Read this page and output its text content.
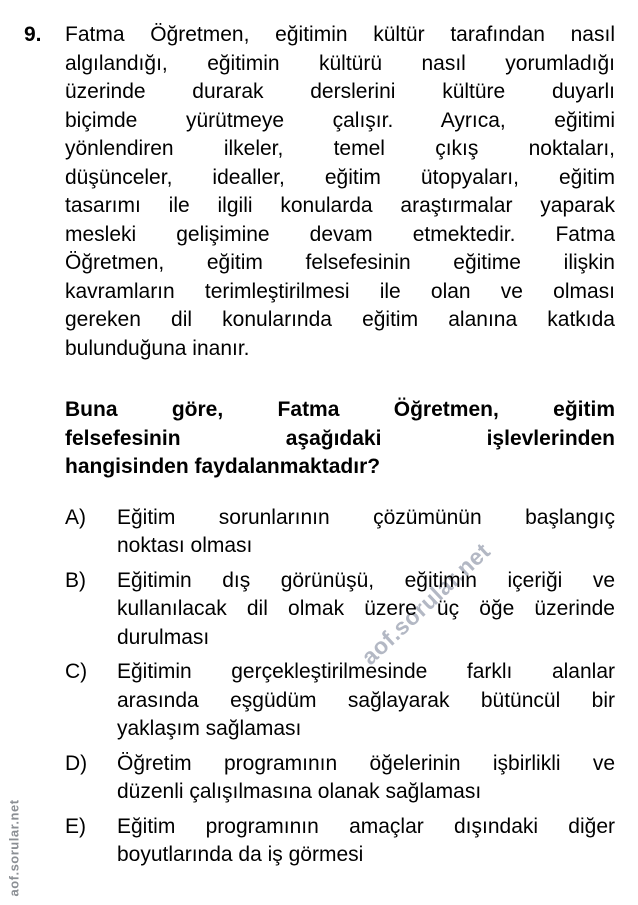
aof.sorular.net
aof.sorular.net
9.	Fatma Öğretmen, eğitimin kültür tarafından nasıl
algılandığı, eğitimin kültürü nasıl yorumladığı
üzerinde durarak derslerini kültüre duyarlı
biçimde yürütmeye çalışır. Ayrıca, eğitimi
yönlendiren ilkeler, temel çıkış noktaları,
düşünceler, idealler, eğitim ütopyaları, eğitim
tasarımı ile ilgili konularda araştırmalar yaparak
mesleki gelişimine devam etmektedir. Fatma
Öğretmen, eğitim felsefesinin eğitime ilişkin
kavramların terimleştirilmesi ile olan ve olması
gereken dil konularında eğitim alanına katkıda
bulunduğuna inanır.
Buna göre, Fatma Öğretmen, eğitim
felsefesinin aşağıdaki işlevlerinden
hangisinden faydalanmaktadır?
A)	Eğitim sorunlarının çözümünün başlangıç
noktası olması
B)	Eğitimin dış görünüşü, eğitimin içeriği ve
kullanılacak dil olmak üzere üç öğe üzerinde
durulması
C)	Eğitimin gerçekleştirilmesinde farklı alanlar
arasında eşgüdüm sağlayarak bütüncül bir
yaklaşım sağlaması
D)	Öğretim programının öğelerinin işbirlikli ve
düzenli çalışılmasına olanak sağlaması
E)	Eğitim programının amaçlar dışındaki diğer
boyutlarında da iş görmesi
